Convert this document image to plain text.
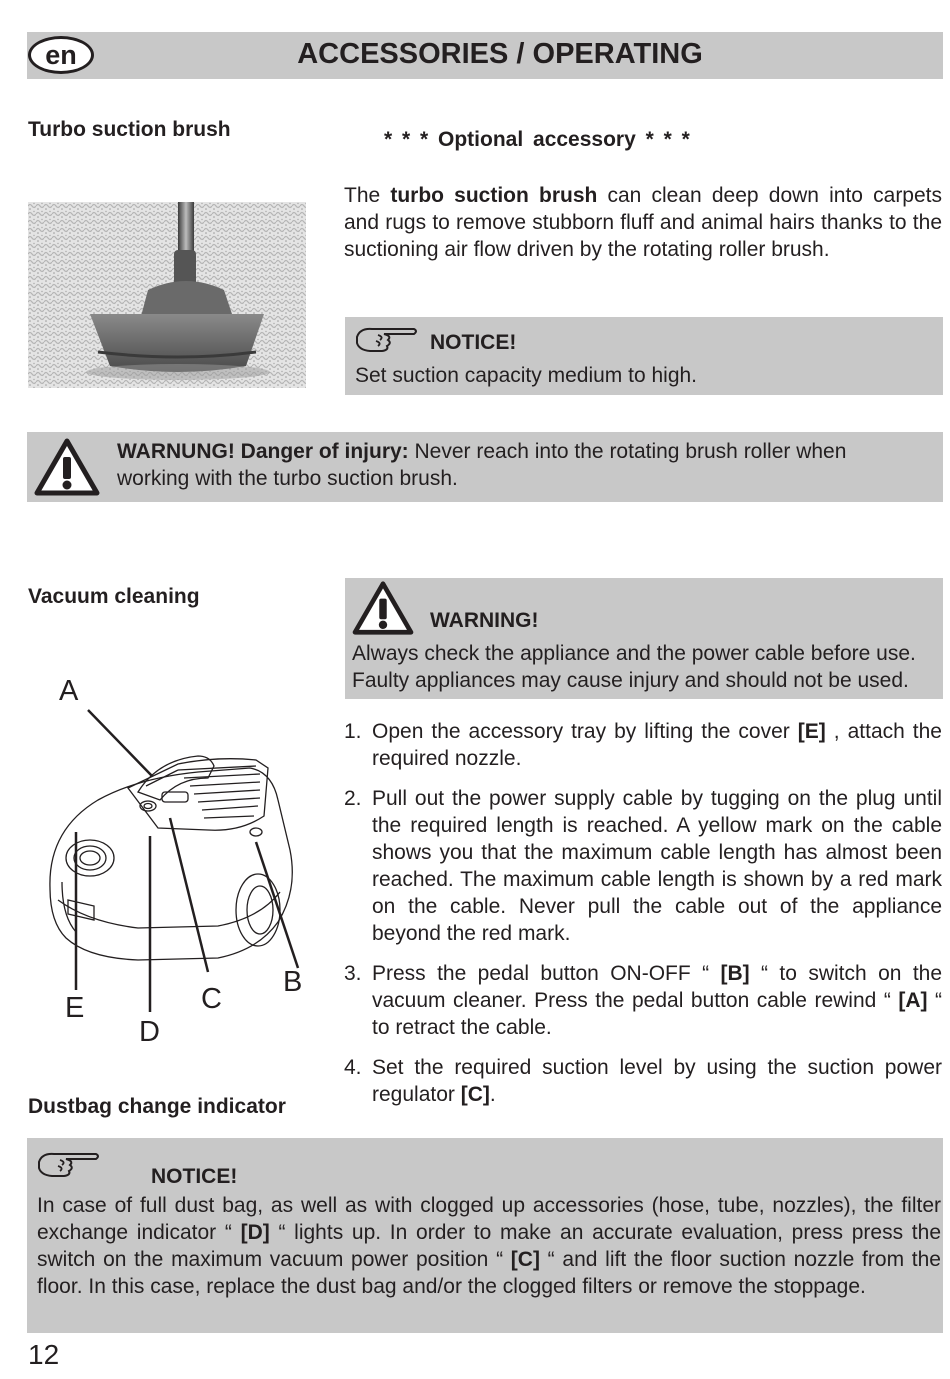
en	ACCESSORIES / OPERATING
Turbo suction brush	* * * Optional accessory * * *
The turbo suction brush can clean deep down into carpets and rugs to remove stubborn fluff and animal hairs thanks to the suctioning air flow driven by the rotating roller brush.
NOTICE!
Set suction capacity medium to high.
WARNUNG! Danger of injury: Never reach into the rotating brush roller when working with the turbo suction brush.
Vacuum cleaning
WARNING!
Always check the appliance and the power cable before use.
Faulty appliances may cause injury and should not be used.
A
B
C
D
E
1. Open the accessory tray by lifting the cover [E] , attach the required nozzle.
2. Pull out the power supply cable by tugging on the plug until the required length is reached. A yellow mark on the cable shows you that the maximum cable length has almost been reached. The maximum cable length is shown by a red mark on the cable. Never pull the cable out of the appliance beyond the red mark.
3. Press the pedal button ON-OFF “ [B] “ to switch on the vacuum cleaner. Press the pedal button cable rewind “ [A] “ to retract the cable.
4. Set the required suction level by using the suction power regulator [C].
Dustbag change indicator
NOTICE!
In case of full dust bag, as well as with clogged up accessories (hose, tube, nozzles), the filter exchange indicator “ [D] “ lights up. In order to make an accurate evaluation, press press the switch on the maximum vacuum power position “ [C] “ and lift the floor suction nozzle from the floor. In this case, replace the dust bag and/or the clogged filters or remove the stoppage.
12
